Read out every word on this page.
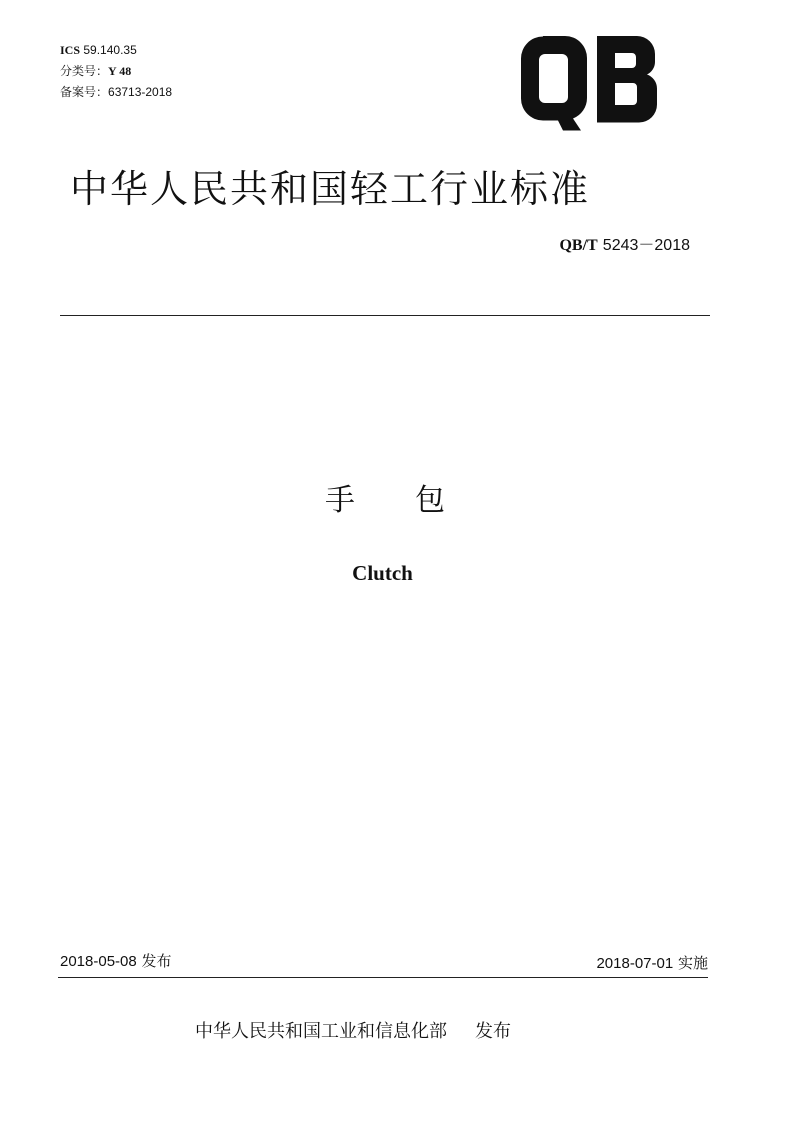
ICS 59.140.35
分类号：Y 48
备案号：63713-2018	QB
中华人民共和国轻工行业标准
QB/T 5243－2018
手包
Clutch
2018-05-08 发布	2018-07-01 实施
中华人民共和国工业和信息化部 发布
